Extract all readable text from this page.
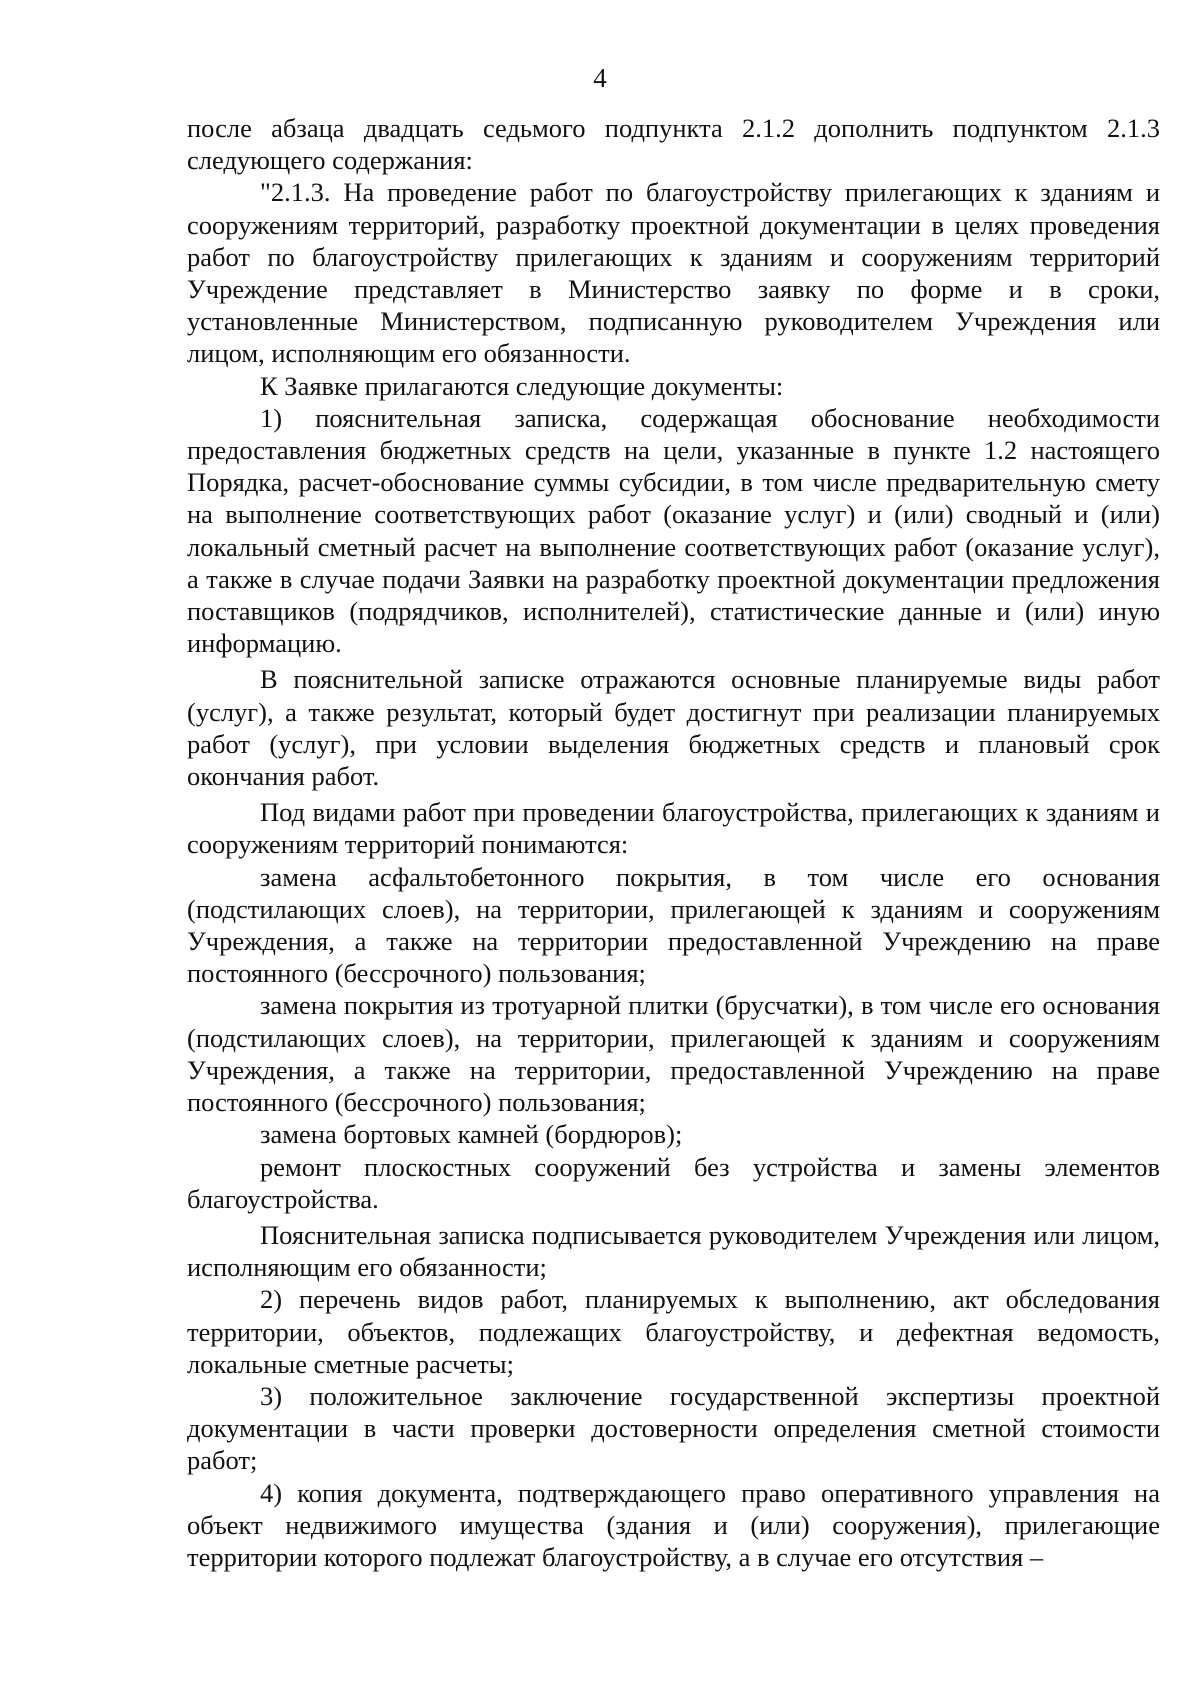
4

после абзаца двадцать седьмого подпункта 2.1.2 дополнить подпунктом 2.1.3 следующего содержания:

"2.1.3. На проведение работ по благоустройству прилегающих к зданиям и сооружениям территорий, разработку проектной документации в целях проведения работ по благоустройству прилегающих к зданиям и сооружениям территорий Учреждение представляет в Министерство заявку по форме и в сроки, установленные Министерством, подписанную руководителем Учреждения или лицом, исполняющим его обязанности.

К Заявке прилагаются следующие документы:

1) пояснительная записка, содержащая обоснование необходимости предоставления бюджетных средств на цели, указанные в пункте 1.2 настоящего Порядка, расчет-обоснование суммы субсидии, в том числе предварительную смету на выполнение соответствующих работ (оказание услуг) и (или) сводный и (или) локальный сметный расчет на выполнение соответствующих работ (оказание услуг), а также в случае подачи Заявки на разработку проектной документации предложения поставщиков (подрядчиков, исполнителей), статистические данные и (или) иную информацию.

В пояснительной записке отражаются основные планируемые виды работ (услуг), а также результат, который будет достигнут при реализации планируемых работ (услуг), при условии выделения бюджетных средств и плановый срок окончания работ.

Под видами работ при проведении благоустройства, прилегающих к зданиям и сооружениям территорий понимаются:

замена асфальтобетонного покрытия, в том числе его основания (подстилающих слоев), на территории, прилегающей к зданиям и сооружениям Учреждения, а также на территории предоставленной Учреждению на праве постоянного (бессрочного) пользования;

замена покрытия из тротуарной плитки (брусчатки), в том числе его основания (подстилающих слоев), на территории, прилегающей к зданиям и сооружениям Учреждения, а также на территории, предоставленной Учреждению на праве постоянного (бессрочного) пользования;

замена бортовых камней (бордюров);

ремонт плоскостных сооружений без устройства и замены элементов благоустройства.

Пояснительная записка подписывается руководителем Учреждения или лицом, исполняющим его обязанности;

2) перечень видов работ, планируемых к выполнению, акт обследования территории, объектов, подлежащих благоустройству, и дефектная ведомость, локальные сметные расчеты;

3) положительное заключение государственной экспертизы проектной документации в части проверки достоверности определения сметной стоимости работ;

4) копия документа, подтверждающего право оперативного управления на объект недвижимого имущества (здания и (или) сооружения), прилегающие территории которого подлежат благоустройству, а в случае его отсутствия –
